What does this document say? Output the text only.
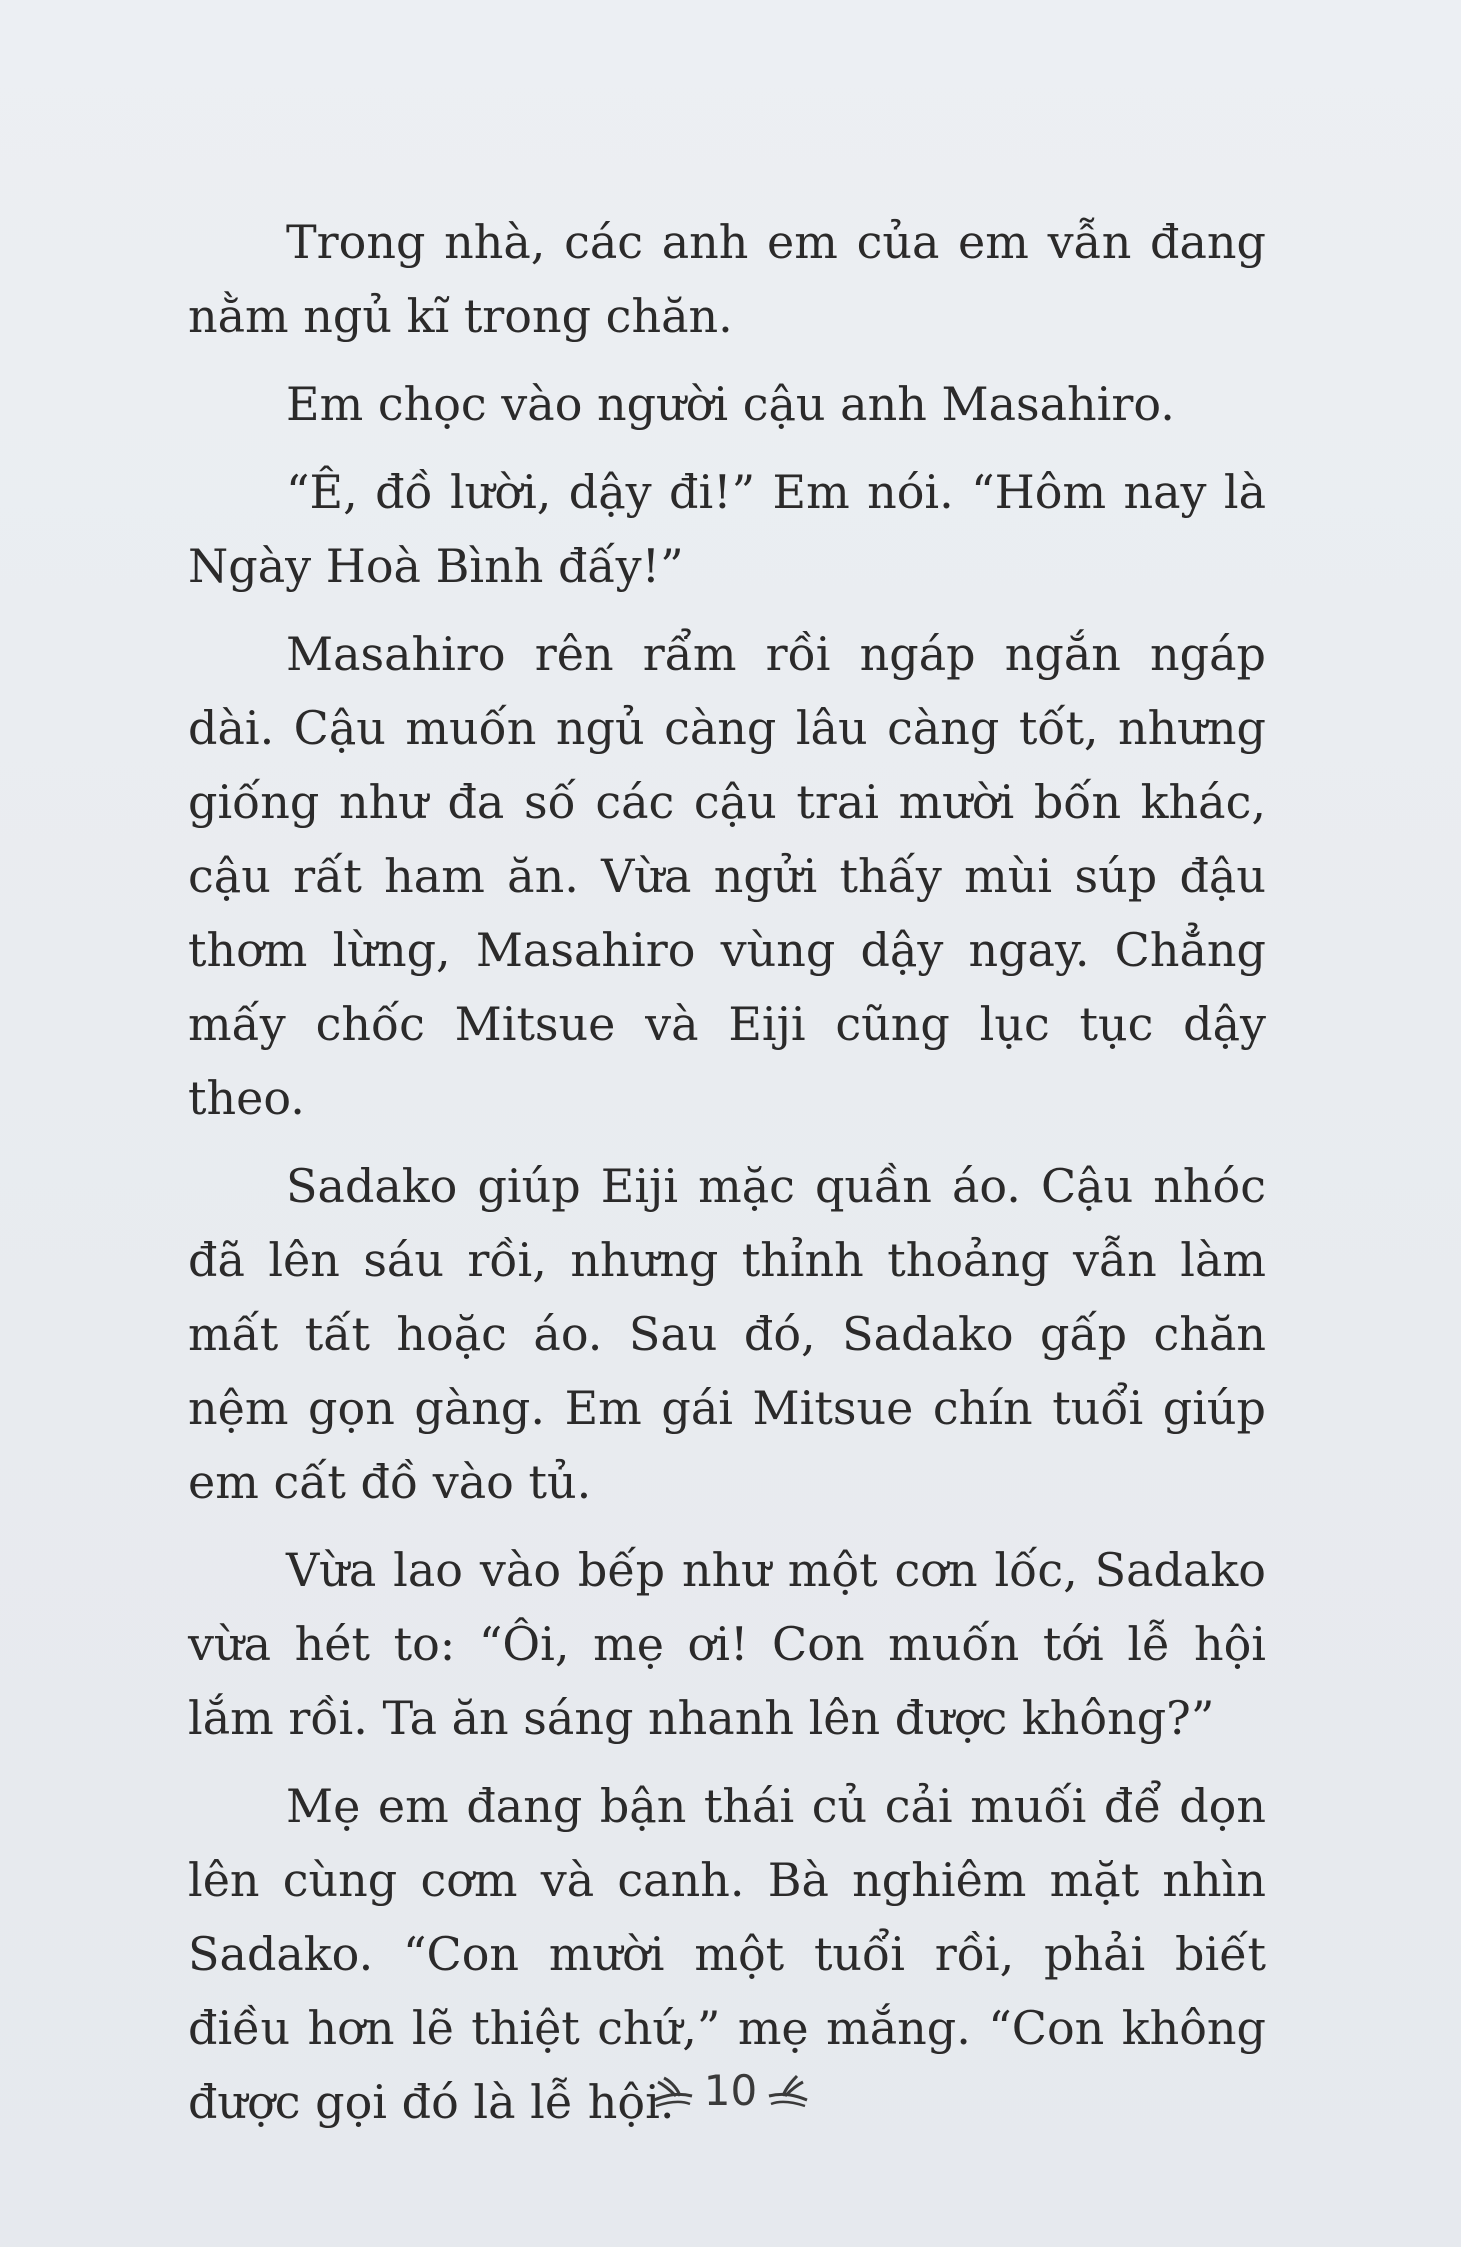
Trong nhà, các anh em của em vẫn đang nằm ngủ kĩ trong chăn.

Em chọc vào người cậu anh Masahiro.

“Ê, đồ lười, dậy đi!” Em nói. “Hôm nay là Ngày Hoà Bình đấy!”

Masahiro rên rẩm rồi ngáp ngắn ngáp dài. Cậu muốn ngủ càng lâu càng tốt, nhưng giống như đa số các cậu trai mười bốn khác, cậu rất ham ăn. Vừa ngửi thấy mùi súp đậu thơm lừng, Masahiro vùng dậy ngay. Chẳng mấy chốc Mitsue và Eiji cũng lục tục dậy theo.

Sadako giúp Eiji mặc quần áo. Cậu nhóc đã lên sáu rồi, nhưng thỉnh thoảng vẫn làm mất tất hoặc áo. Sau đó, Sadako gấp chăn nệm gọn gàng. Em gái Mitsue chín tuổi giúp em cất đồ vào tủ.

Vừa lao vào bếp như một cơn lốc, Sadako vừa hét to: “Ôi, mẹ ơi! Con muốn tới lễ hội lắm rồi. Ta ăn sáng nhanh lên được không?”

Mẹ em đang bận thái củ cải muối để dọn lên cùng cơm và canh. Bà nghiêm mặt nhìn Sadako. “Con mười một tuổi rồi, phải biết điều hơn lẽ thiệt chứ,” mẹ mắng. “Con không được gọi đó là lễ hội. 10
